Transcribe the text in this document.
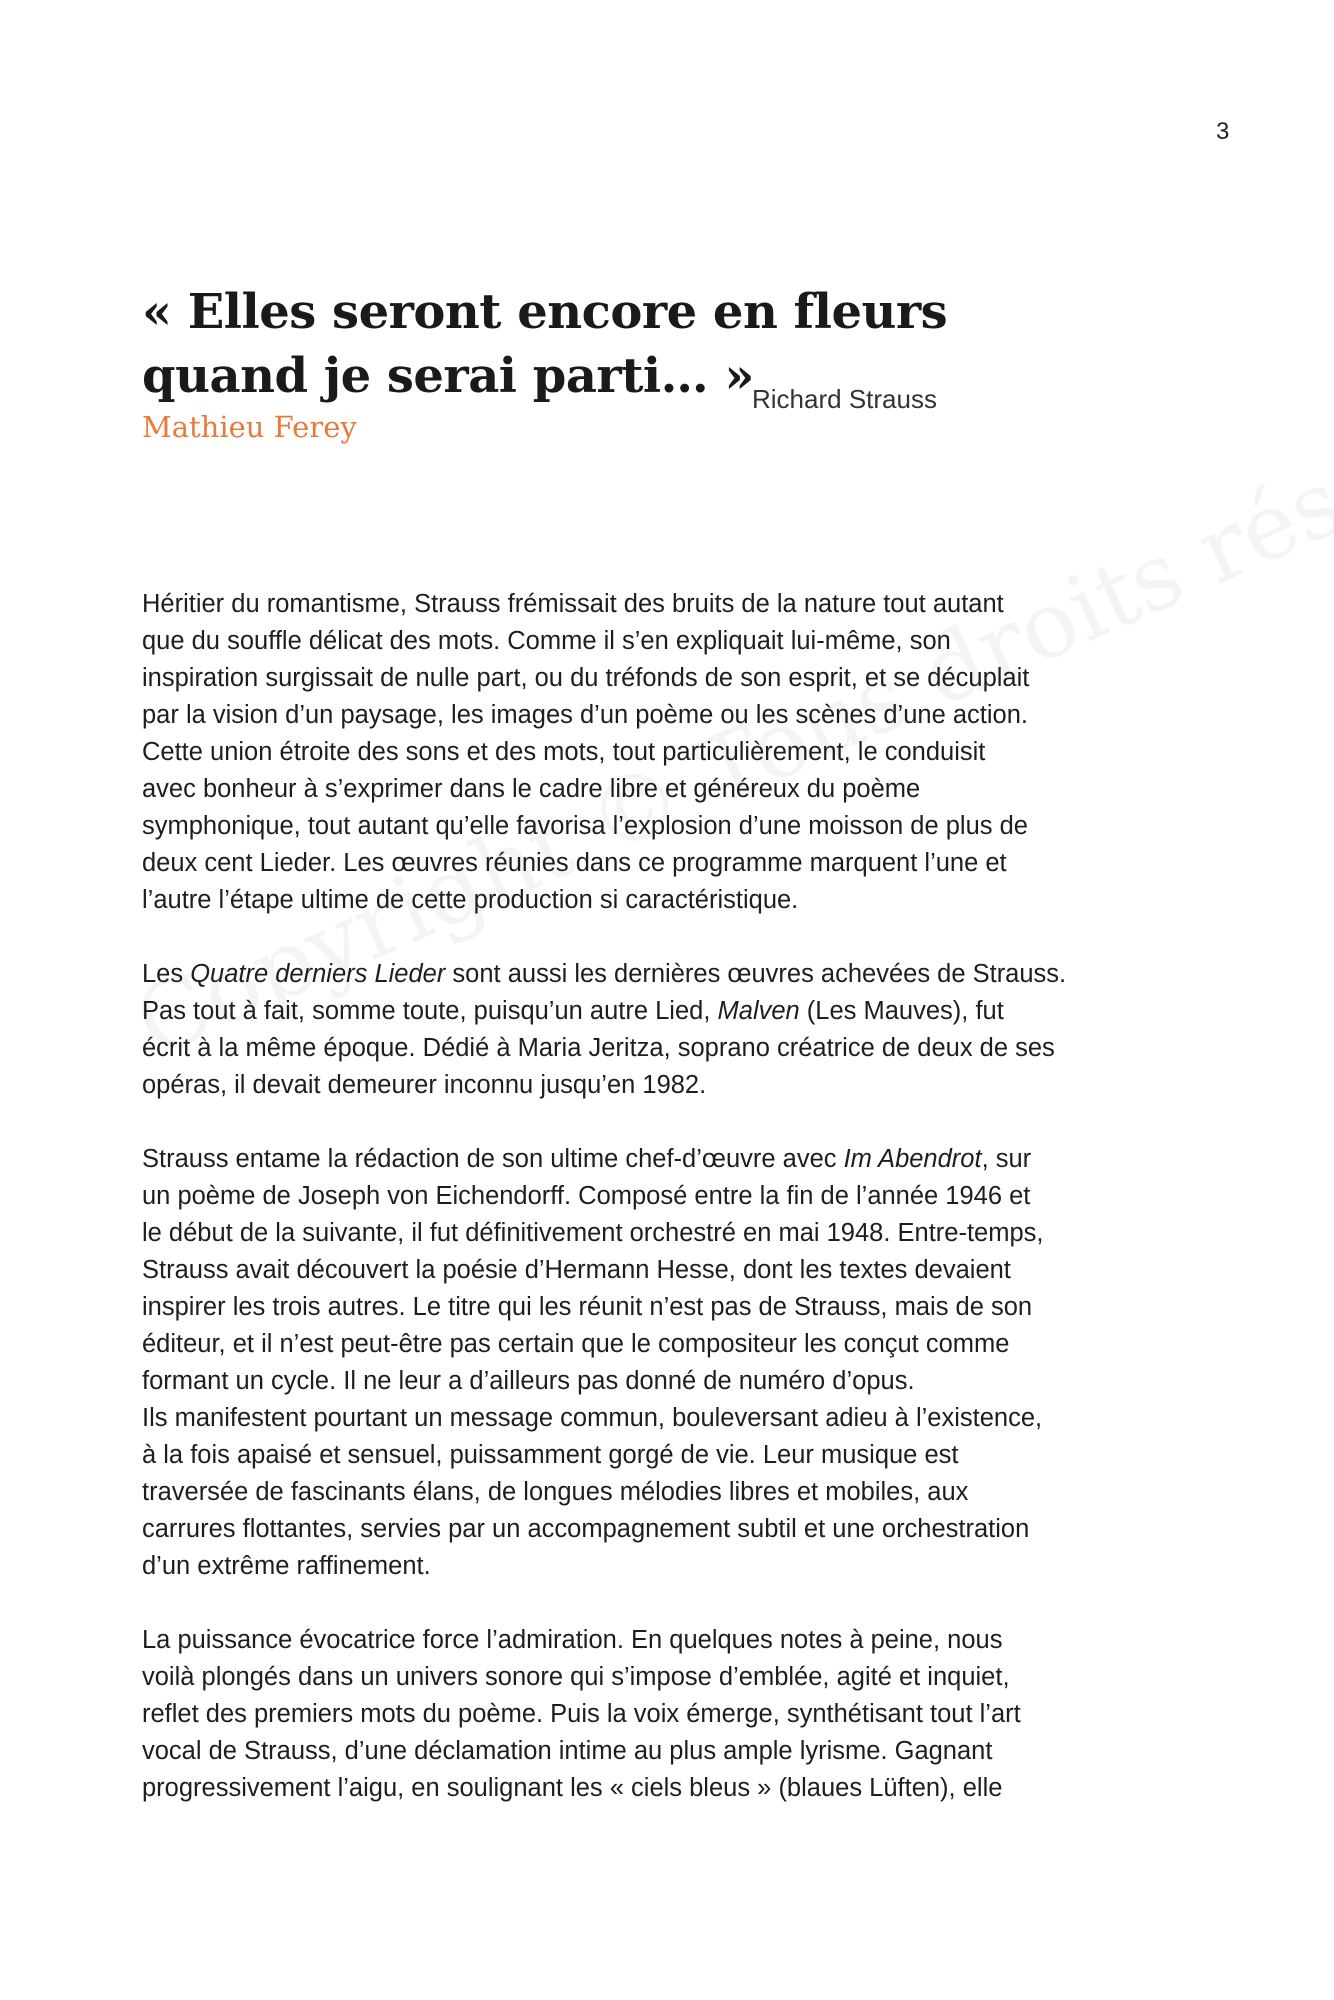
3
« Elles seront encore en fleurs
quand je serai parti… »
Richard Strauss
Mathieu Ferey

Héritier du romantisme, Strauss frémissait des bruits de la nature tout autant
que du souffle délicat des mots. Comme il s’en expliquait lui-même, son
inspiration surgissait de nulle part, ou du tréfonds de son esprit, et se décuplait
par la vision d’un paysage, les images d’un poème ou les scènes d’une action.
Cette union étroite des sons et des mots, tout particulièrement, le conduisit
avec bonheur à s’exprimer dans le cadre libre et généreux du poème
symphonique, tout autant qu’elle favorisa l’explosion d’une moisson de plus de
deux cent Lieder. Les œuvres réunies dans ce programme marquent l’une et
l’autre l’étape ultime de cette production si caractéristique.

Les Quatre derniers Lieder sont aussi les dernières œuvres achevées de Strauss.
Pas tout à fait, somme toute, puisqu’un autre Lied, Malven (Les Mauves), fut
écrit à la même époque. Dédié à Maria Jeritza, soprano créatrice de deux de ses
opéras, il devait demeurer inconnu jusqu’en 1982.

Strauss entame la rédaction de son ultime chef-d’œuvre avec Im Abendrot, sur
un poème de Joseph von Eichendorff. Composé entre la fin de l’année 1946 et
le début de la suivante, il fut définitivement orchestré en mai 1948. Entre-temps,
Strauss avait découvert la poésie d’Hermann Hesse, dont les textes devaient
inspirer les trois autres. Le titre qui les réunit n’est pas de Strauss, mais de son
éditeur, et il n’est peut-être pas certain que le compositeur les conçut comme
formant un cycle. Il ne leur a d’ailleurs pas donné de numéro d’opus.
Ils manifestent pourtant un message commun, bouleversant adieu à l’existence,
à la fois apaisé et sensuel, puissamment gorgé de vie. Leur musique est
traversée de fascinants élans, de longues mélodies libres et mobiles, aux
carrures flottantes, servies par un accompagnement subtil et une orchestration
d’un extrême raffinement.

La puissance évocatrice force l’admiration. En quelques notes à peine, nous
voilà plongés dans un univers sonore qui s’impose d’emblée, agité et inquiet,
reflet des premiers mots du poème. Puis la voix émerge, synthétisant tout l’art
vocal de Strauss, d’une déclamation intime au plus ample lyrisme. Gagnant
progressivement l’aigu, en soulignant les « ciels bleus » (blaues Lüften), elle
